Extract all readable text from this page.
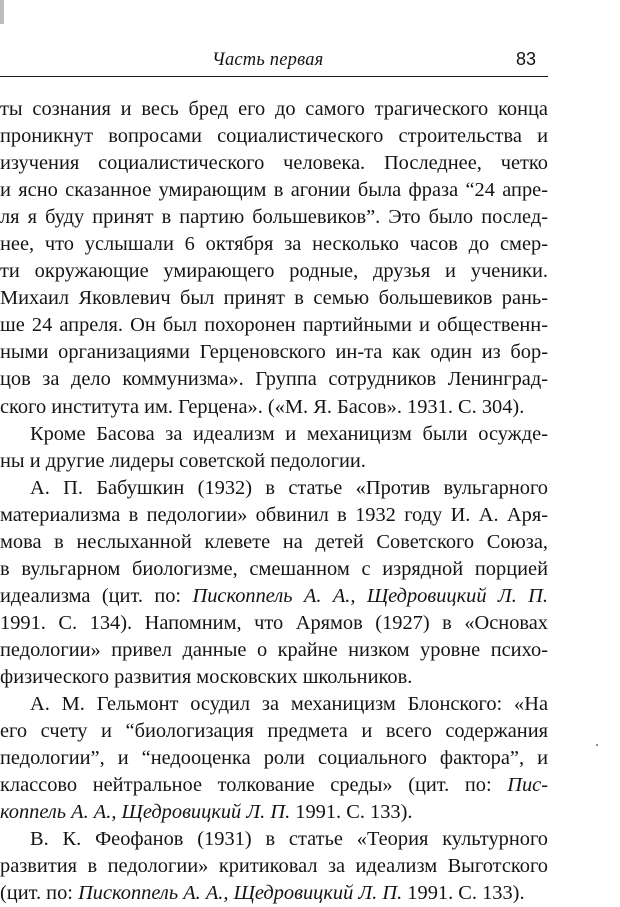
Часть первая	83
ты сознания и весь бред его до самого трагического конца
проникнут вопросами социалистического строительства и
изучения социалистического человека. Последнее, четко
и ясно сказанное умирающим в агонии была фраза “24 апре-
ля я буду принят в партию большевиков”. Это было послед-
нее, что услышали 6 октября за несколько часов до смер-
ти окружающие умирающего родные, друзья и ученики.
Михаил Яковлевич был принят в семью большевиков рань-
ше 24 апреля. Он был похоронен партийными и общественн-
ными организациями Герценовского ин-та как один из бор-
цов за дело коммунизма». Группа сотрудников Ленинград-
ского института им. Герцена». («М. Я. Басов». 1931. С. 304).
Кроме Басова за идеализм и механицизм были осужде-
ны и другие лидеры советской педологии.
А. П. Бабушкин (1932) в статье «Против вульгарного
материализма в педологии» обвинил в 1932 году И. А. Аря-
мова в неслыханной клевете на детей Советского Союза,
в вульгарном биологизме, смешанном с изрядной порцией
идеализма (цит. по: Пископпель А. А., Щедровицкий Л. П.
1991. С. 134). Напомним, что Арямов (1927) в «Основах
педологии» привел данные о крайне низком уровне психо-
физического развития московских школьников.
А. М. Гельмонт осудил за механицизм Блонского: «На
его счету и “биологизация предмета и всего содержания
педологии”, и “недооценка роли социального фактора”, и
классово нейтральное толкование среды» (цит. по: Пис-
коппель А. А., Щедровицкий Л. П. 1991. С. 133).
В. К. Феофанов (1931) в статье «Теория культурного
развития в педологии» критиковал за идеализм Выготского
(цит. по: Пископпель А. А., Щедровицкий Л. П. 1991. С. 133).
